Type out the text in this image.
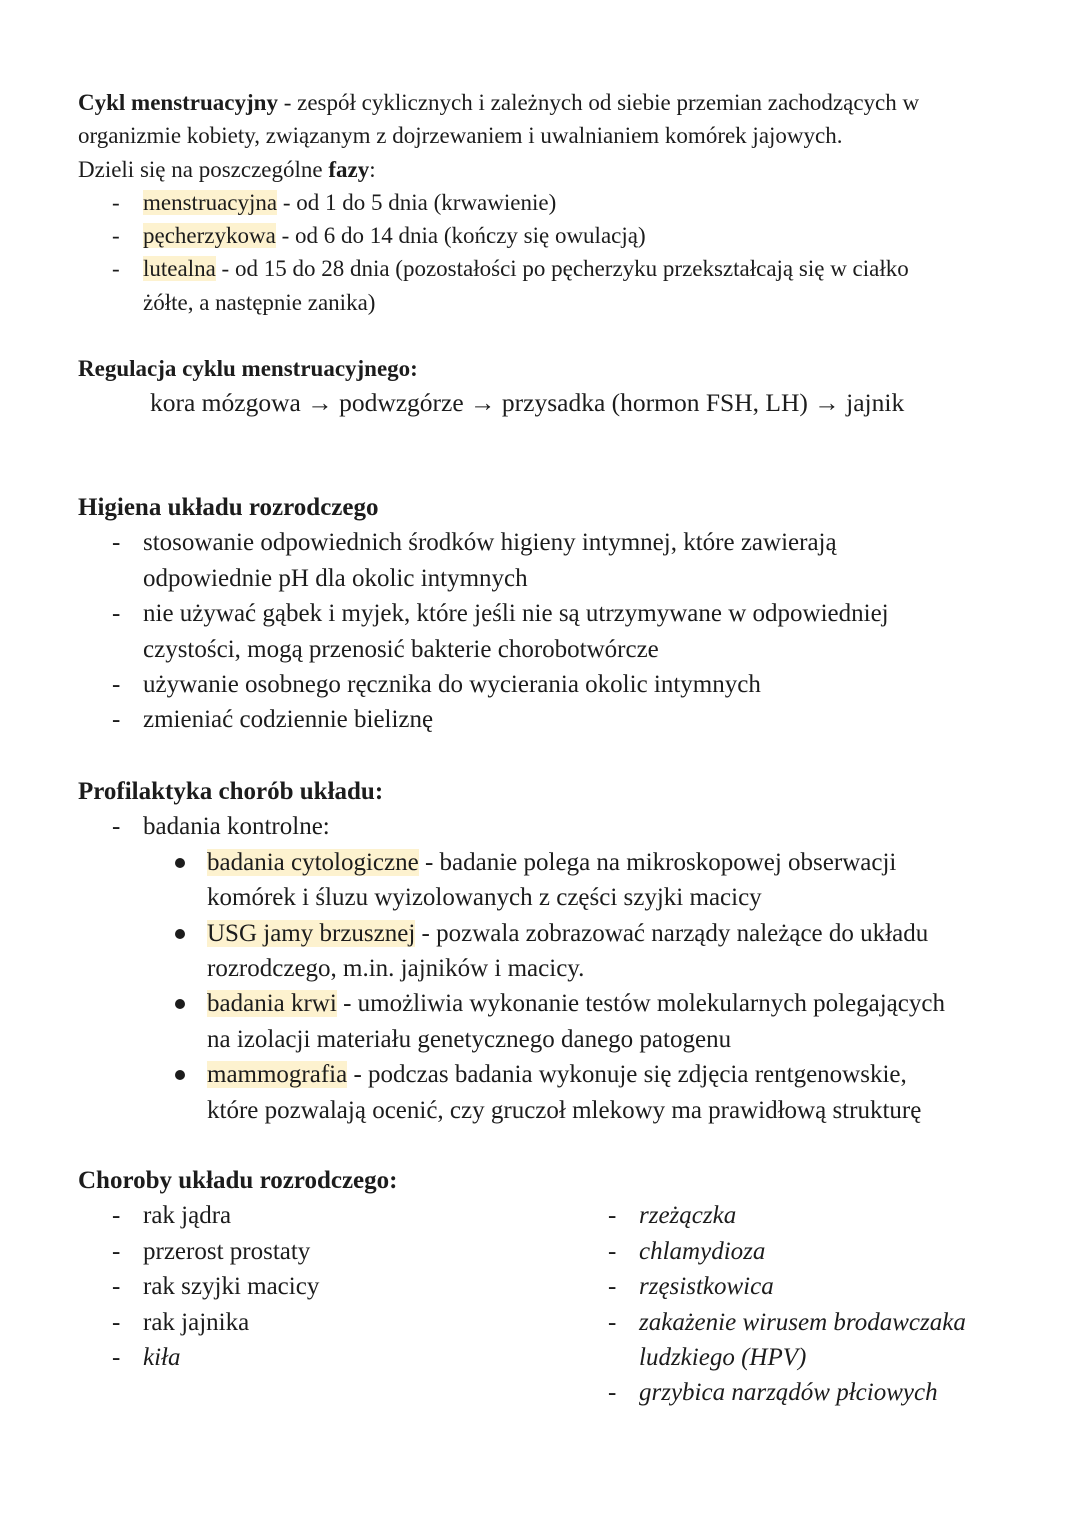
Cykl menstruacyjny - zespół cyklicznych i zależnych od siebie przemian zachodzących w
organizmie kobiety, związanym z dojrzewaniem i uwalnianiem komórek jajowych.
Dzieli się na poszczególne fazy:
- menstruacyjna - od 1 do 5 dnia (krwawienie)
- pęcherzykowa - od 6 do 14 dnia (kończy się owulacją)
- lutealna - od 15 do 28 dnia (pozostałości po pęcherzyku przekształcają się w ciałko
żółte, a następnie zanika)
Regulacja cyklu menstruacyjnego:
kora mózgowa → podwzgórze → przysadka (hormon FSH, LH) → jajnik
Higiena układu rozrodczego
- stosowanie odpowiednich środków higieny intymnej, które zawierają
odpowiednie pH dla okolic intymnych
- nie używać gąbek i myjek, które jeśli nie są utrzymywane w odpowiedniej
czystości, mogą przenosić bakterie chorobotwórcze
- używanie osobnego ręcznika do wycierania okolic intymnych
- zmieniać codziennie bieliznę
Profilaktyka chorób układu:
- badania kontrolne:
badania cytologiczne - badanie polega na mikroskopowej obserwacji
komórek i śluzu wyizolowanych z części szyjki macicy
USG jamy brzusznej - pozwala zobrazować narządy należące do układu
rozrodczego, m.in. jajników i macicy.
badania krwi - umożliwia wykonanie testów molekularnych polegających
na izolacji materiału genetycznego danego patogenu
mammografia - podczas badania wykonuje się zdjęcia rentgenowskie,
które pozwalają ocenić, czy gruczoł mlekowy ma prawidłową strukturę
Choroby układu rozrodczego:
- rak jądra
- przerost prostaty
- rak szyjki macicy
- rak jajnika
- kiła
- rzeżączka
- chlamydioza
- rzęsistkowica
- zakażenie wirusem brodawczaka
ludzkiego (HPV)
- grzybica narządów płciowych
